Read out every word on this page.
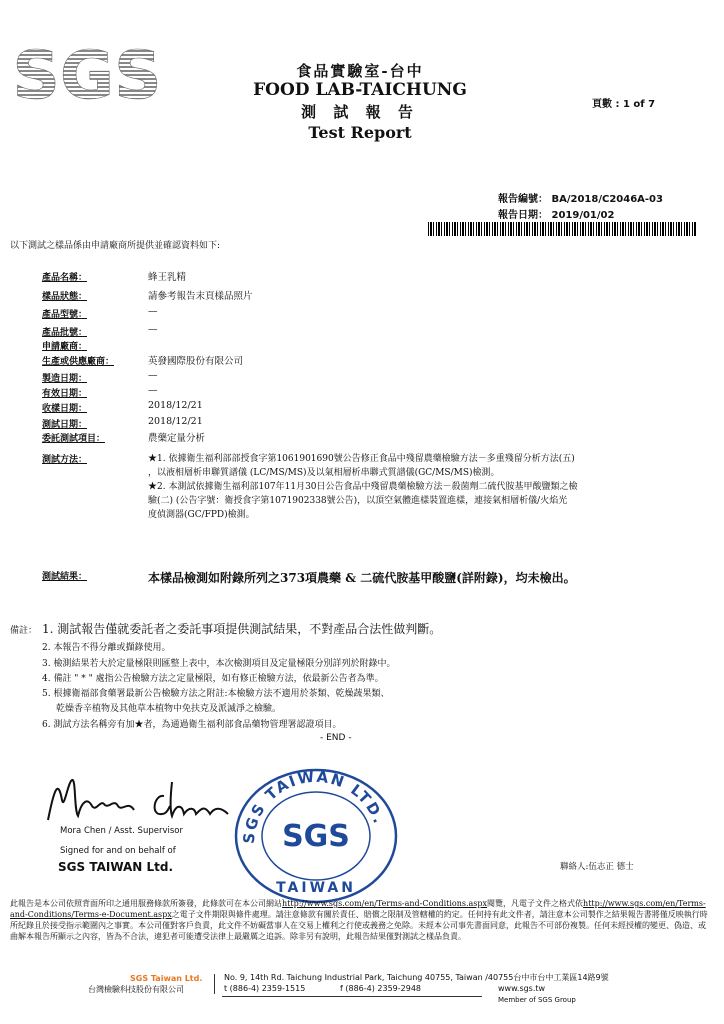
SGS	食品實驗室-台中
FOOD LAB-TAICHUNG
測 試 報 告
Test Report
頁數 : 1 of 7
報告編號： BA/2018/C2046A-03
報告日期： 2019/01/02
以下測試之樣品係由申請廠商所提供並確認資料如下:
產品名稱：	蜂王乳精
樣品狀態：	請參考報告末頁樣品照片
產品型號：	—
產品批號：	—
申請廠商：
生產或供應廠商：	英發國際股份有限公司
製造日期：	—
有效日期：	—
收樣日期：	2018/12/21
測試日期：	2018/12/21
委託測試項目：	農藥定量分析
測試方法：	★1. 依據衛生福利部部授食字第1061901690號公告修正食品中殘留農藥檢驗方法－多重殘留分析方法(五)

，以液相層析串聯質譜儀 (LC/MS/MS)及以氣相層析串聯式質譜儀(GC/MS/MS)檢測。

★2. 本測試依據衛生福利部107年11月30日公告食品中殘留農藥檢驗方法－殺菌劑二硫代胺基甲酸鹽類之檢

驗(二) (公告字號：衛授食字第1071902338號公告)，以頂空氣體進樣裝置進樣，連接氣相層析儀/火焰光

度偵測器(GC/FPD)檢測。

測試結果：	本樣品檢測如附錄所列之373項農藥 & 二硫代胺基甲酸鹽(詳附錄)，均未檢出。
備註： 1. 測試報告僅就委託者之委託事項提供測試結果，不對產品合法性做判斷。
2. 本報告不得分離或擷錄使用。
3. 檢測結果若大於定量極限則匯整上表中，本次檢測項目及定量極限分別詳列於附錄中。
4. 備註 " * " 處指公告檢驗方法之定量極限，如有修正檢驗方法，依最新公告者為準。
5. 根據衛福部食藥署最新公告檢驗方法之附註:本檢驗方法不適用於茶類、乾燥蔬果類、
乾燥香辛植物及其他草本植物中免扶克及派滅淨之檢驗。
6. 測試方法名稱旁有加★者，為通過衛生福利部食品藥物管理署認證項目。
- END -
Mora Chen / Asst. Supervisor
Signed for and on behalf of
SGS TAIWAN Ltd.
SGS TAIWAN LTD.
SGS
TAIWAN
聯絡人:伍志正 德士
此報告是本公司依照背面所印之通用服務條款所簽發，此條款可在本公司網站http://www.sgs.com/en/Terms-and-Conditions.aspx閱覽，凡電子文件之格式依http://www.sgs.com/en/Terms-and-Conditions/Terms-e-Document.aspx之電子文件期限與條件處理。請注意條款有關於責任、賠償之限制及管轄權的約定。任何持有此文件者，請注意本公司製作之結果報告書將僅反映執行時所紀錄且於接受指示範圍內之事實。本公司僅對客戶負責，此文件不妨礙當事人在交易上權利之行使或義務之免除。未經本公司事先書面同意，此報告不可部份複製。任何未經授權的變更、偽造、或曲解本報告所顯示之內容，皆為不合法，違犯者可能遭受法律上最嚴厲之追訴。除非另有說明，此報告結果僅對測試之樣品負責。
SGS Taiwan Ltd.
台灣檢驗科技股份有限公司
No. 9, 14th Rd. Taichung Industrial Park, Taichung 40755, Taiwan /40755台中市台中工業區14路9號
t (886-4) 2359-1515	f (886-4) 2359-2948	www.sgs.tw
Member of SGS Group
